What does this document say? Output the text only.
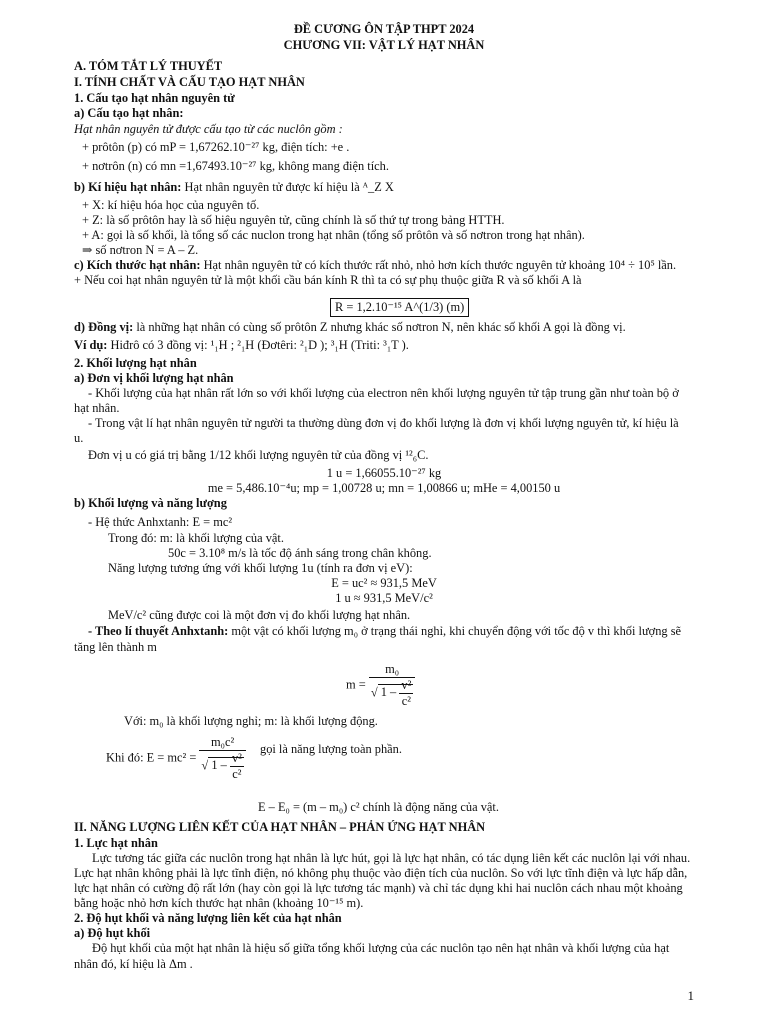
ĐỀ CƯƠNG ÔN TẬP THPT 2024
CHƯƠNG VII: VẬT LÝ HẠT NHÂN
A. TÓM TẮT LÝ THUYẾT
I. TÍNH CHẤT VÀ CẤU TẠO HẠT NHÂN
1. Cấu tạo hạt nhân nguyên tử
a) Cấu tạo hạt nhân:
Hạt nhân nguyên tử được cấu tạo từ các nuclôn gồm :
+ prôtôn (p) có mP = 1,67262.10⁻²⁷ kg, điện tích: +e .
+ nơtrôn (n) có mn =1,67493.10⁻²⁷ kg, không mang điện tích.
b) Kí hiệu hạt nhân: Hạt nhân nguyên tử được kí hiệu là ᴬ_Z X
+ X: kí hiệu hóa học của nguyên tố.
+ Z: là số prôtôn hay là số hiệu nguyên tử, cũng chính là số thứ tự trong bảng HTTH.
+ A: gọi là số khối, là tổng số các nuclon trong hạt nhân (tổng số prôtôn và số nơtron trong hạt nhân).
⇒ số nơtron N = A – Z.
c) Kích thước hạt nhân: Hạt nhân nguyên tử có kích thước rất nhỏ, nhỏ hơn kích thước nguyên tử khoảng 10⁴ ÷ 10⁵ lần.
+ Nếu coi hạt nhân nguyên tử là một khối cầu bán kính R thì ta có sự phụ thuộc giữa R và số khối A là
R = 1,2.10⁻¹⁵ A^(1/3) (m)
d) Đồng vị: là những hạt nhân có cùng số prôtôn Z nhưng khác số nơtron N, nên khác số khối A gọi là đồng vị.
Ví dụ: Hiđrô có 3 đồng vị: ¹₁H ; ²₁H (Đơtêri: ²₁D ); ³₁H (Triti: ³₁T ).
2. Khối lượng hạt nhân
a) Đơn vị khối lượng hạt nhân
- Khối lượng của hạt nhân rất lớn so với khối lượng của electron nên khối lượng nguyên tử tập trung gần như toàn bộ ở
hạt nhân.
- Trong vật lí hạt nhân nguyên tử người ta thường dùng đơn vị đo khối lượng là đơn vị khối lượng nguyên tử, kí hiệu là
u.
Đơn vị u có giá trị bằng 1/12 khối lượng nguyên tử của đồng vị ¹²₆C.
1 u = 1,66055.10⁻²⁷ kg
me = 5,486.10⁻⁴u; mp = 1,00728 u; mn = 1,00866 u; mHe = 4,00150 u
b) Khối lượng và năng lượng
- Hệ thức Anhxtanh: E = mc²
Trong đó: m: là khối lượng của vật.
50c = 3.10⁸ m/s là tốc độ ánh sáng trong chân không.
Năng lượng tương ứng với khối lượng 1u (tính ra đơn vị eV):
E = uc² ≈ 931,5 MeV
1 u ≈ 931,5 MeV/c²
MeV/c² cũng được coi là một đơn vị đo khối lượng hạt nhân.
- Theo lí thuyết Anhxtanh: một vật có khối lượng m₀ ở trạng thái nghỉ, khi chuyển động với tốc độ v thì khối lượng sẽ
tăng lên thành m
Với: m₀ là khối lượng nghỉ; m: là khối lượng động.
gọi là năng lượng toàn phần.
E – E₀ = (m – m₀) c² chính là động năng của vật.
II. NĂNG LƯỢNG LIÊN KẾT CỦA HẠT NHÂN – PHẢN ỨNG HẠT NHÂN
1. Lực hạt nhân
Lực tương tác giữa các nuclôn trong hạt nhân là lực hút, gọi là lực hạt nhân, có tác dụng liên kết các nuclôn lại với nhau.
Lực hạt nhân không phải là lực tĩnh điện, nó không phụ thuộc vào điện tích của nuclôn. So với lực tĩnh điện và lực hấp dẫn,
lực hạt nhân có cường độ rất lớn (hay còn gọi là lực tương tác mạnh) và chỉ tác dụng khi hai nuclôn cách nhau một khoảng
bằng hoặc nhỏ hơn kích thước hạt nhân (khoảng 10⁻¹⁵ m).
2. Độ hụt khối và năng lượng liên kết của hạt nhân
a) Độ hụt khối
Độ hụt khối của một hạt nhân là hiệu số giữa tổng khối lượng của các nuclôn tạo nên hạt nhân và khối lượng của hạt
nhân đó, kí hiệu là Δm .
$m = \frac{\text{m₀}}{√ 1 - \frac{\text{v²}}{\text{c²}}}$
Khi đó: $E = mc^2 = \frac{\text{m₀c²}}{√ 1 - \frac{\text{v²}}{\text{c²}}}$
1
